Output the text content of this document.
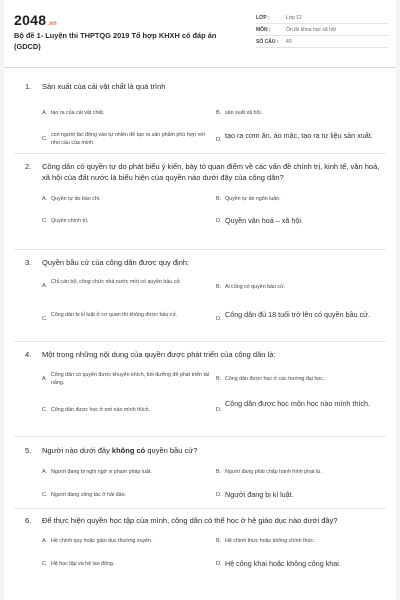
2048.vn
Bộ đề 1- Luyện thi THPTQG 2019 Tổ hợp KHXH có đáp án (GDCD)
LỚP :	Lớp 12
MÔN :	Ôn thi khoa học xã hội
SỐ CÂU :	40
1. Sản xuất của cải vật chất là quá trình
A. tạo ra của cải vật chất.	B. sản xuất xã hội.
C.
con người tác động vào tự nhiên để tạo ra sản phẩm phù hợp với nhu cầu của mình.	D. tạo ra cơm ăn, áo mặc, tạo ra tư liệu sản xuất.
2. Công dân có quyền tự do phát biểu ý kiến, bày tỏ quan điểm về các vấn đề chính trị, kinh tế, văn hoá, xã hội của đất nước là biểu hiện của quyền nào dưới đây của công dân?
A. Quyền tự do báo chí.	B. Quyền tự do ngôn luận.
C. Quyền chính trị.	D. Quyền văn hoá – xã hội.
3. Quyền bầu cử của công dân được quy định:
A.
Chỉ cán bộ, công chức nhà nước mới có quyền bầu cử.
B. Ai cũng có quyền bầu cử.
C.
Công dân bị kỉ luật ở cơ quan thì không được bầu cử.
D. Công dân đủ 18 tuổi trở lên có quyền bầu cử.
4. Một trong những nội dung của quyền được phát triển của công dân là:
A.
Công dân có quyền được khuyến khích, bồi dưỡng để phát triển tài năng.
B. Công dân được học ở các trường đại học.
C. Công dân được học ở nơi nào mình thích.	D.
Công dân được học môn học nào mình thích.
5. Người nào dưới đây không có quyền bầu cử?
A. Người đang bị nghi ngờ vi phạm pháp luật.	B. Người đang phải chấp hành hình phạt tù.
C. Người đang công tác ở hải đảo.	D. Người đang bị kỉ luật.
6. Để thực hiện quyền học tập của mình, công dân có thể học ở hệ giáo dục nào dưới đây?
A. Hệ chính quy hoặc giáo dục thường xuyên.	B. Hệ chính thức hoặc không chính thức.
C. Hệ học tập và hệ lao động.	D. Hệ công khai hoặc không công khai.
